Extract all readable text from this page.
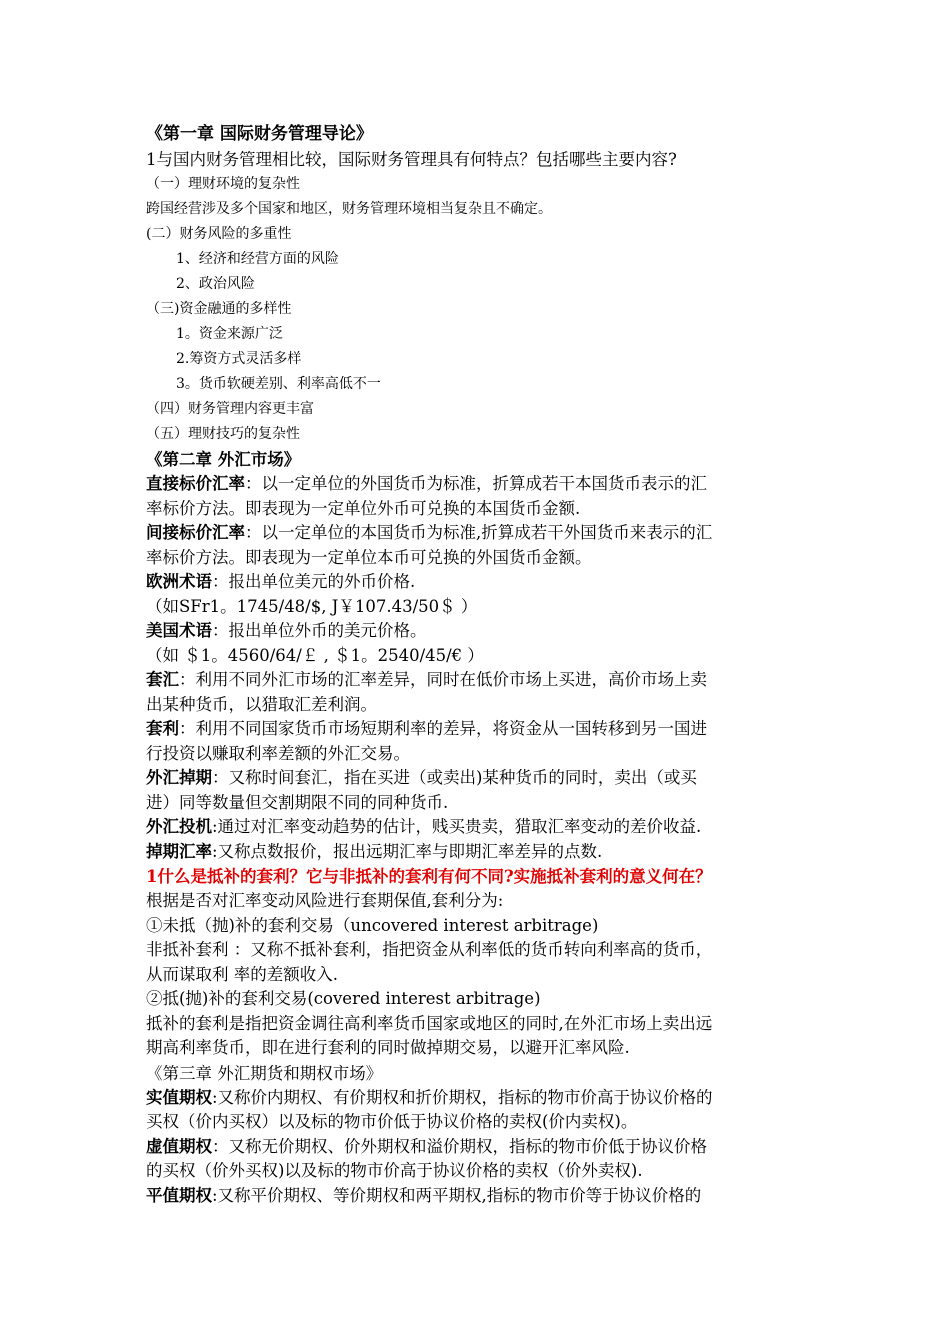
《第一章 国际财务管理导论》
1与国内财务管理相比较，国际财务管理具有何特点？包括哪些主要内容?
（一）理财环境的复杂性
跨国经营涉及多个国家和地区，财务管理环境相当复杂且不确定。
(二）财务风险的多重性
1、经济和经营方面的风险
2、政治风险
（三)资金融通的多样性
1。资金来源广泛
2.筹资方式灵活多样
3。货币软硬差别、利率高低不一
（四）财务管理内容更丰富
（五）理财技巧的复杂性
《第二章 外汇市场》
直接标价汇率：以一定单位的外国货币为标准，折算成若干本国货币表示的汇
率标价方法。即表现为一定单位外币可兑换的本国货币金额.
间接标价汇率：以一定单位的本国货币为标准,折算成若干外国货币来表示的汇
率标价方法。即表现为一定单位本币可兑换的外国货币金额。
欧洲术语：报出单位美元的外币价格.
（如SFr1。1745/48/$, J￥107.43/50＄ ）
美国术语：报出单位外币的美元价格。
（如 ＄1。4560/64/￡ , ＄1。2540/45/€ ）
套汇：利用不同外汇市场的汇率差异，同时在低价市场上买进，高价市场上卖
出某种货币，以猎取汇差利润。
套利：利用不同国家货币市场短期利率的差异，将资金从一国转移到另一国进
行投资以赚取利率差额的外汇交易。
外汇掉期：又称时间套汇，指在买进（或卖出)某种货币的同时，卖出（或买
进）同等数量但交割期限不同的同种货币.
外汇投机:通过对汇率变动趋势的估计，贱买贵卖，猎取汇率变动的差价收益.
掉期汇率:又称点数报价，报出远期汇率与即期汇率差异的点数.
1什么是抵补的套利？它与非抵补的套利有何不同?实施抵补套利的意义何在？
根据是否对汇率变动风险进行套期保值,套利分为:
①未抵（抛)补的套利交易（uncovered interest arbitrage)
非抵补套利 ：又称不抵补套利，指把资金从利率低的货币转向利率高的货币，
从而谋取利 率的差额收入.
②抵(抛)补的套利交易(covered interest arbitrage)
抵补的套利是指把资金调往高利率货币国家或地区的同时,在外汇市场上卖出远
期高利率货币，即在进行套利的同时做掉期交易，以避开汇率风险.
《第三章 外汇期货和期权市场》
实值期权:又称价内期权、有价期权和折价期权，指标的物市价高于协议价格的
买权（价内买权）以及标的物市价低于协议价格的卖权(价内卖权)。
虚值期权：又称无价期权、价外期权和溢价期权，指标的物市价低于协议价格
的买权（价外买权)以及标的物市价高于协议价格的卖权（价外卖权).
平值期权:又称平价期权、等价期权和两平期权,指标的物市价等于协议价格的
